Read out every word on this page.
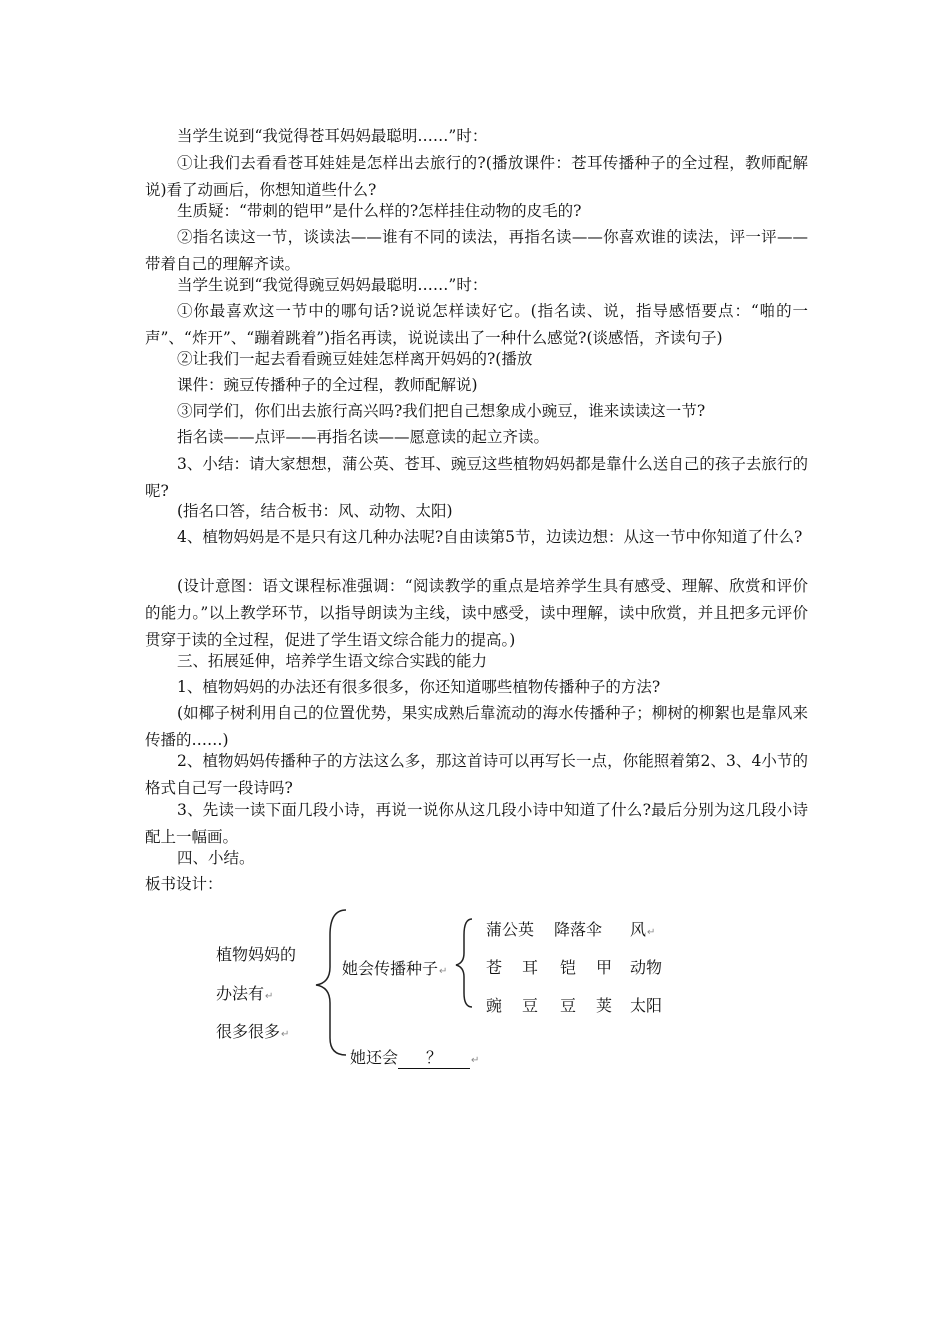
当学生说到“我觉得苍耳妈妈最聪明……”时：

①让我们去看看苍耳娃娃是怎样出去旅行的?(播放课件：苍耳传播种子的全过程，教师配解说)看了动画后，你想知道些什么?

生质疑：“带刺的铠甲”是什么样的?怎样挂住动物的皮毛的?

②指名读这一节，谈读法——谁有不同的读法，再指名读——你喜欢谁的读法，评一评——带着自己的理解齐读。

当学生说到“我觉得豌豆妈妈最聪明……”时：

①你最喜欢这一节中的哪句话?说说怎样读好它。(指名读、说，指导感悟要点：“啪的一声”、“炸开”、“蹦着跳着”)指名再读，说说读出了一种什么感觉?(谈感悟，齐读句子)

②让我们一起去看看豌豆娃娃怎样离开妈妈的?(播放

课件：豌豆传播种子的全过程，教师配解说)

③同学们，你们出去旅行高兴吗?我们把自己想象成小豌豆，谁来读读这一节?

指名读——点评——再指名读——愿意读的起立齐读。

3、小结：请大家想想，蒲公英、苍耳、豌豆这些植物妈妈都是靠什么送自己的孩子去旅行的呢?

(指名口答，结合板书：风、动物、太阳)

4、植物妈妈是不是只有这几种办法呢?自由读第5节，边读边想：从这一节中你知道了什么?

(设计意图：语文课程标准强调：“阅读教学的重点是培养学生具有感受、理解、欣赏和评价的能力。”以上教学环节，以指导朗读为主线，读中感受，读中理解，读中欣赏，并且把多元评价贯穿于读的全过程，促进了学生语文综合能力的提高。)

三、拓展延伸，培养学生语文综合实践的能力

1、植物妈妈的办法还有很多很多，你还知道哪些植物传播种子的方法?

(如椰子树利用自己的位置优势，果实成熟后靠流动的海水传播种子；柳树的柳絮也是靠风来传播的……)

2、植物妈妈传播种子的方法这么多，那这首诗可以再写长一点，你能照着第2、3、4小节的格式自己写一段诗吗?

3、先读一读下面几段小诗，再说一说你从这几段小诗中知道了什么?最后分别为这几段小诗配上一幅画。

四、小结。

板书设计：

植物妈妈的
办法有↵
很多很多↵
她会传播种子↵
蒲公英 降落伞 风↵
苍 耳 铠 甲 动物
豌 豆 豆 荚 太阳
她还会 ？	↵
